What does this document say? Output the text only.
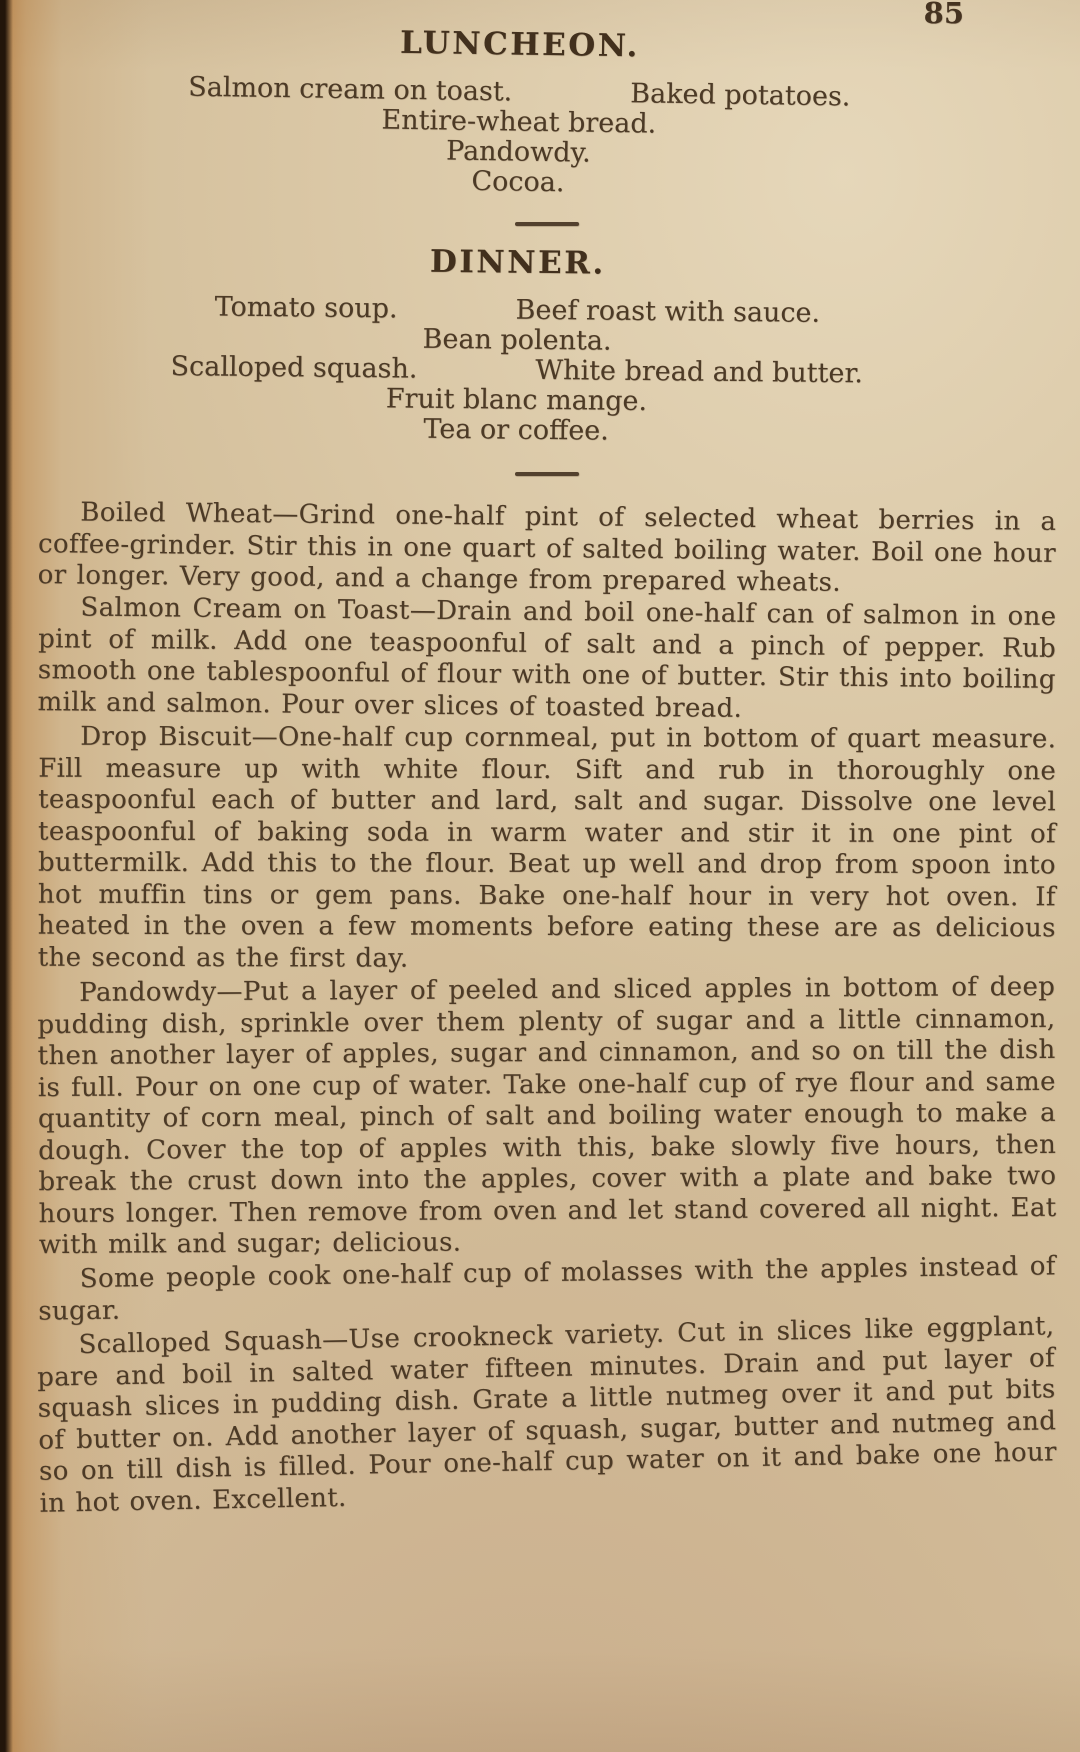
85
LUNCHEON.
Salmon cream on toast.	Baked potatoes.
Entire-wheat bread.
Pandowdy.
Cocoa.
DINNER.
Tomato soup.	Beef roast with sauce.
Bean polenta.
Scalloped squash.	White bread and butter.
Fruit blanc mange.
Tea or coffee.

Boiled Wheat—Grind one-half pint of selected wheat berries in a coffee-grinder. Stir this in one quart of salted boiling water. Boil one hour or longer. Very good, and a change from prepared wheats.

Salmon Cream on Toast—Drain and boil one-half can of salmon in one pint of milk. Add one teaspoonful of salt and a pinch of pepper. Rub smooth one tablespoonful of flour with one of butter. Stir this into boiling milk and salmon. Pour over slices of toasted bread.

Drop Biscuit—One-half cup cornmeal, put in bottom of quart measure. Fill measure up with white flour. Sift and rub in thoroughly one teaspoonful each of butter and lard, salt and sugar. Dissolve one level teaspoonful of baking soda in warm water and stir it in one pint of buttermilk. Add this to the flour. Beat up well and drop from spoon into hot muffin tins or gem pans. Bake one-half hour in very hot oven. If heated in the oven a few moments before eating these are as delicious the second as the first day.

Pandowdy—Put a layer of peeled and sliced apples in bottom of deep pudding dish, sprinkle over them plenty of sugar and a little cinnamon, then another layer of apples, sugar and cinnamon, and so on till the dish is full. Pour on one cup of water. Take one-half cup of rye flour and same quantity of corn meal, pinch of salt and boiling water enough to make a dough. Cover the top of apples with this, bake slowly five hours, then break the crust down into the apples, cover with a plate and bake two hours longer. Then remove from oven and let stand covered all night. Eat with milk and sugar; delicious.

Some people cook one-half cup of molasses with the apples instead of sugar.

Scalloped Squash—Use crookneck variety. Cut in slices like eggplant, pare and boil in salted water fifteen minutes. Drain and put layer of squash slices in pudding dish. Grate a little nutmeg over it and put bits of butter on. Add another layer of squash, sugar, butter and nutmeg and so on till dish is filled. Pour one-half cup water on it and bake one hour in hot oven. Excellent.
